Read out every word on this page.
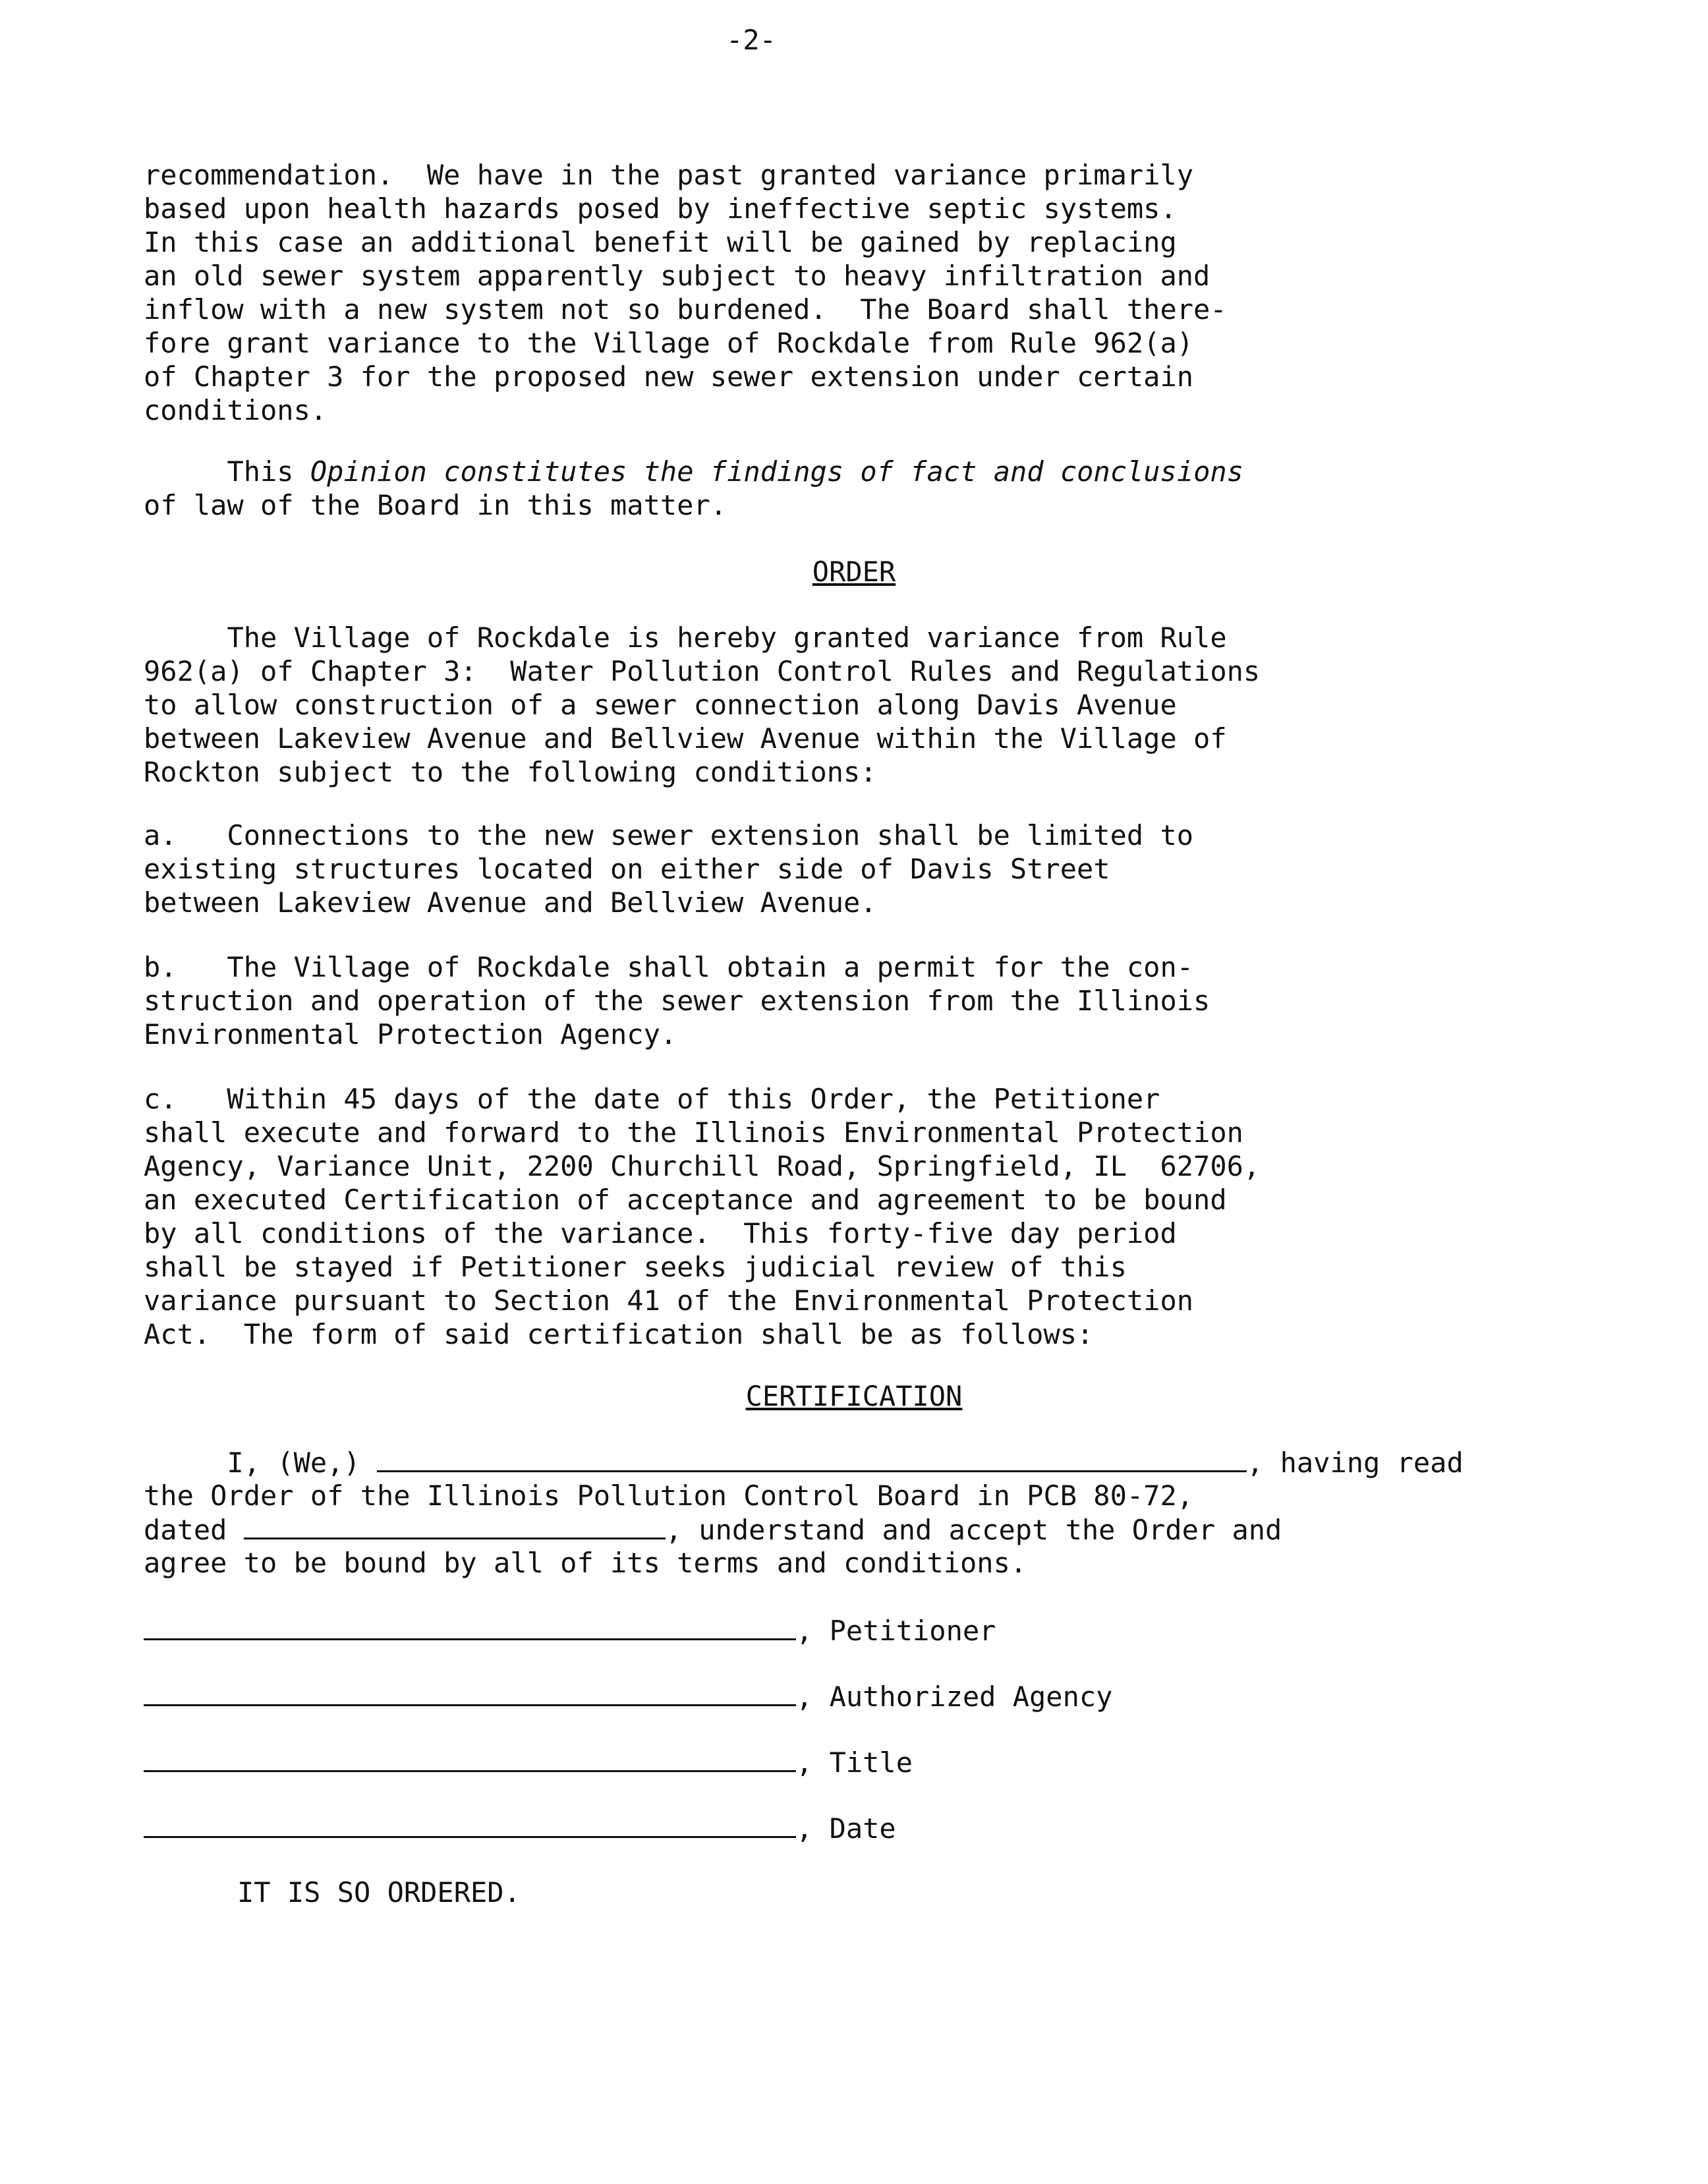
-2-
recommendation.  We have in the past granted variance primarily
based upon health hazards posed by ineffective septic systems.
In this case an additional benefit will be gained by replacing
an old sewer system apparently subject to heavy infiltration and
inflow with a new system not so burdened.  The Board shall there-
fore grant variance to the Village of Rockdale from Rule 962(a)
of Chapter 3 for the proposed new sewer extension under certain
conditions.
This Opinion constitutes the findings of fact and conclusions
of law of the Board in this matter.
ORDER
The Village of Rockdale is hereby granted variance from Rule
962(a) of Chapter 3:  Water Pollution Control Rules and Regulations
to allow construction of a sewer connection along Davis Avenue
between Lakeview Avenue and Bellview Avenue within the Village of
Rockton subject to the following conditions:
a.   Connections to the new sewer extension shall be limited to
existing structures located on either side of Davis Street
between Lakeview Avenue and Bellview Avenue.
b.   The Village of Rockdale shall obtain a permit for the con-
struction and operation of the sewer extension from the Illinois
Environmental Protection Agency.
c.   Within 45 days of the date of this Order, the Petitioner
shall execute and forward to the Illinois Environmental Protection
Agency, Variance Unit, 2200 Churchill Road, Springfield, IL  62706,
an executed Certification of acceptance and agreement to be bound
by all conditions of the variance.  This forty-five day period
shall be stayed if Petitioner seeks judicial review of this
variance pursuant to Section 41 of the Environmental Protection
Act.  The form of said certification shall be as follows:
CERTIFICATION
I, (We,)	, having read
the Order of the Illinois Pollution Control Board in PCB 80-72,
dated	, understand and accept the Order and
agree to be bound by all of its terms and conditions.
, Petitioner
, Authorized Agency
, Title
, Date
IT IS SO ORDERED.
